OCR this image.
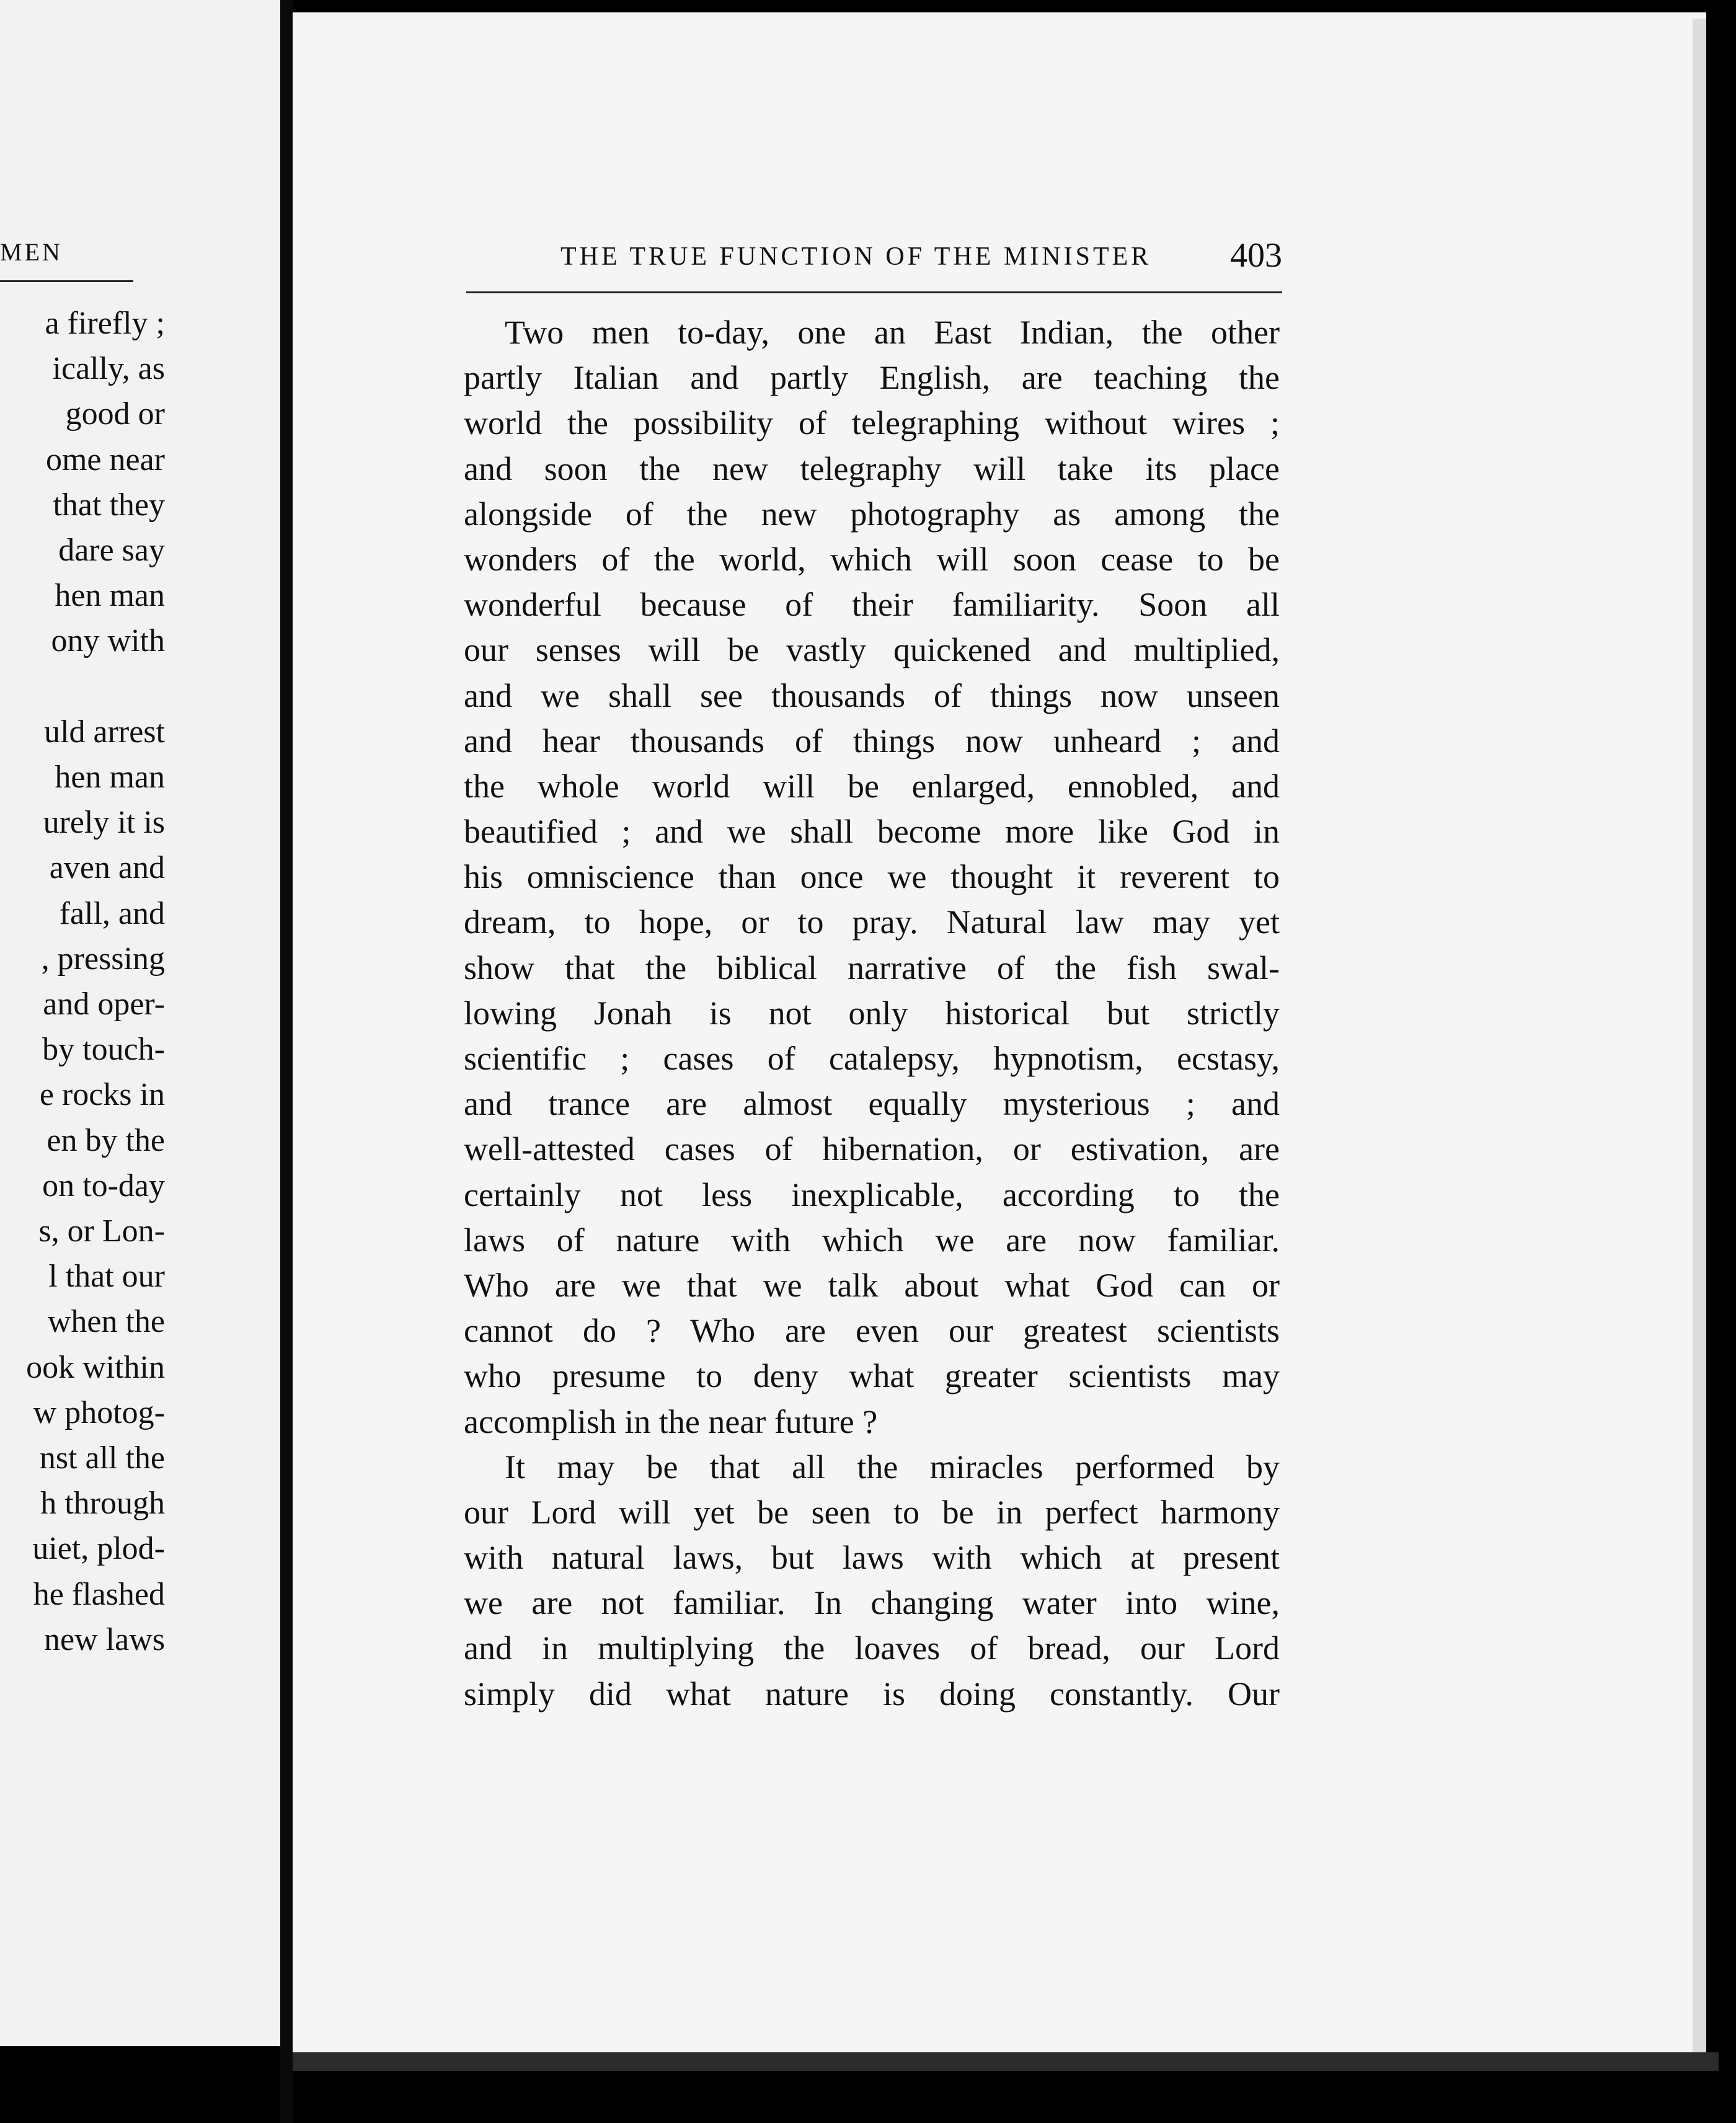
MEN
a firefly ;
ically, as
good or
ome near
that they
dare say
hen man
ony with

uld arrest
hen man
urely it is
aven and
fall, and
, pressing
and oper-
by touch-
e rocks in
en by the
on to-day
s, or Lon-
l that our
when the
ook within
w photog-
nst all the
h through
uiet, plod-
he flashed
new laws
THE TRUE FUNCTION OF THE MINISTER 403
Two men to-day, one an East Indian, the other
partly Italian and partly English, are teaching the
world the possibility of telegraphing without wires ;
and soon the new telegraphy will take its place
alongside of the new photography as among the
wonders of the world, which will soon cease to be
wonderful because of their familiarity. Soon all
our senses will be vastly quickened and multiplied,
and we shall see thousands of things now unseen
and hear thousands of things now unheard ; and
the whole world will be enlarged, ennobled, and
beautified ; and we shall become more like God in
his omniscience than once we thought it reverent to
dream, to hope, or to pray. Natural law may yet
show that the biblical narrative of the fish swal-
lowing Jonah is not only historical but strictly
scientific ; cases of catalepsy, hypnotism, ecstasy,
and trance are almost equally mysterious ; and
well-attested cases of hibernation, or estivation, are
certainly not less inexplicable, according to the
laws of nature with which we are now familiar.
Who are we that we talk about what God can or
cannot do ? Who are even our greatest scientists
who presume to deny what greater scientists may
accomplish in the near future ?
It may be that all the miracles performed by
our Lord will yet be seen to be in perfect harmony
with natural laws, but laws with which at present
we are not familiar. In changing water into wine,
and in multiplying the loaves of bread, our Lord
simply did what nature is doing constantly. Our
